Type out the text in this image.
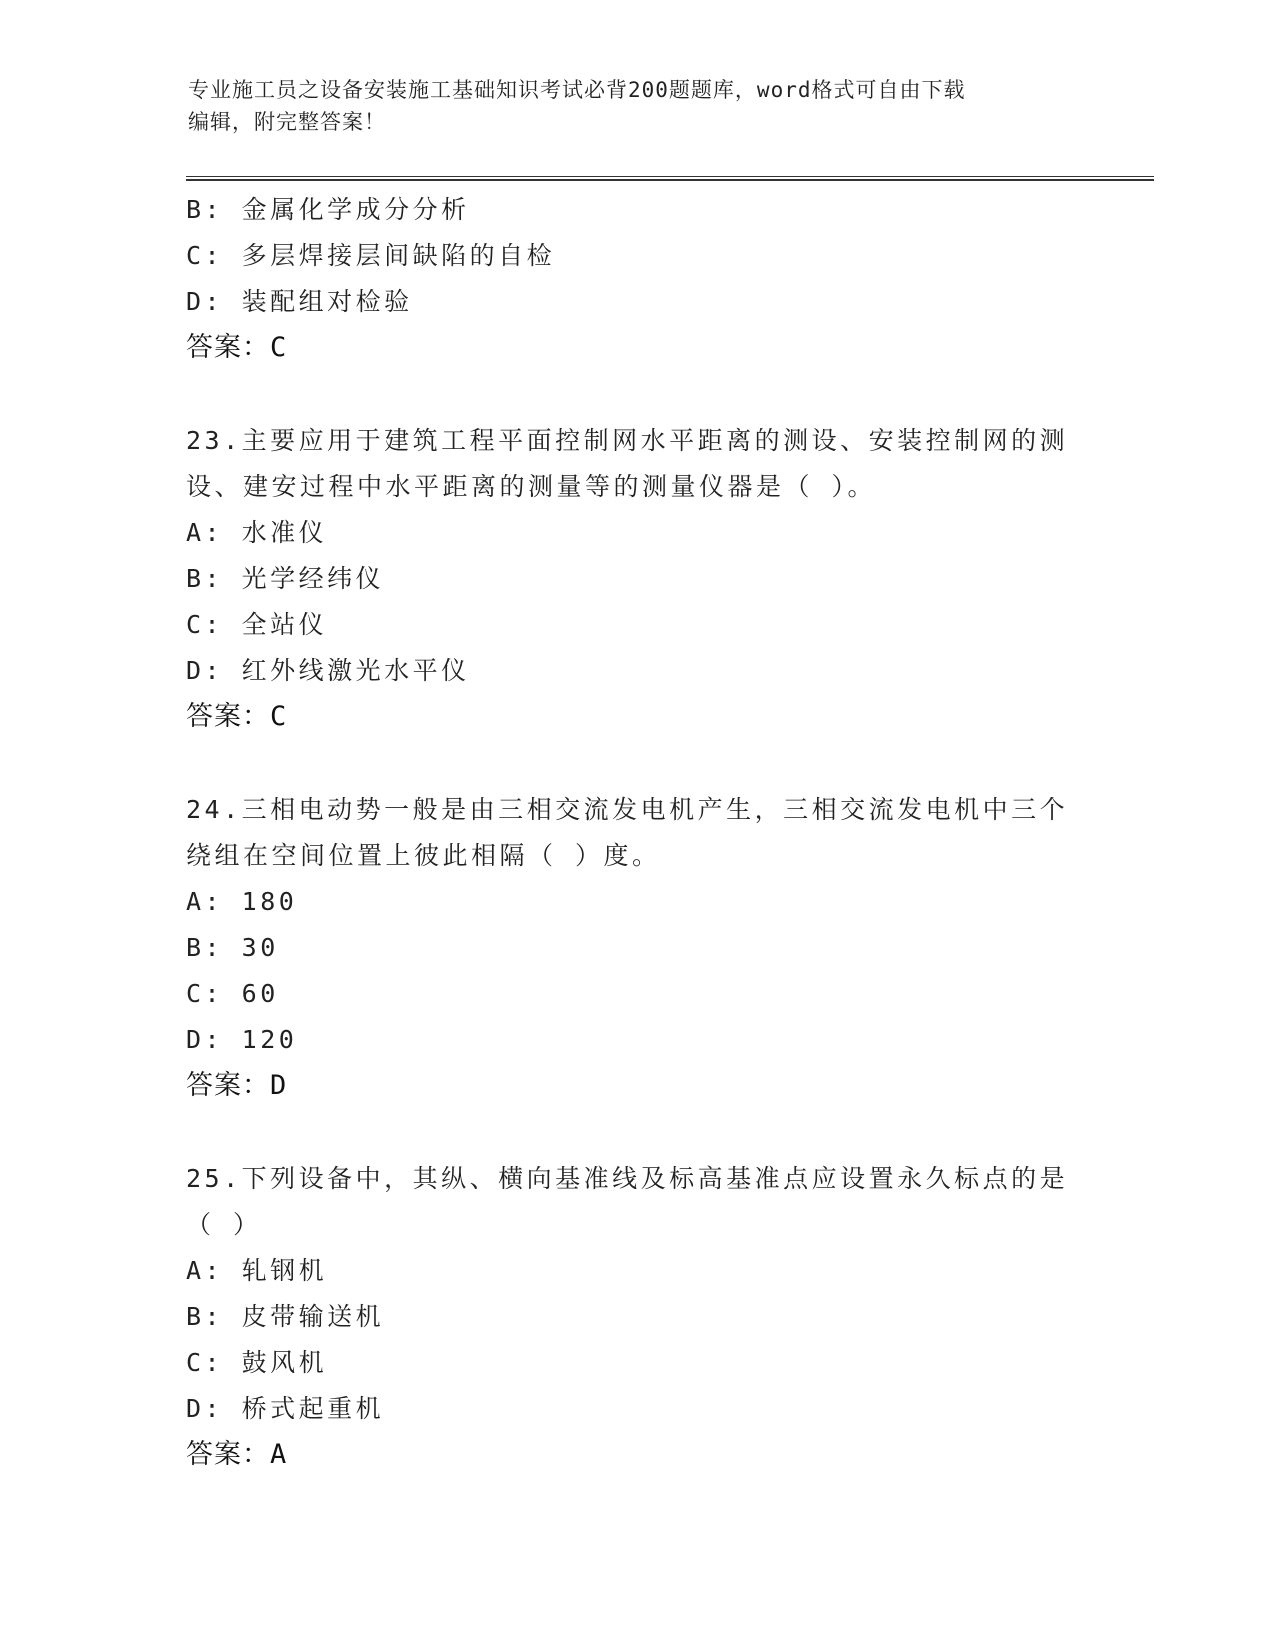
专业施工员之设备安装施工基础知识考试必背200题题库，word格式可自由下载
编辑，附完整答案！
B: 金属化学成分分析
C: 多层焊接层间缺陷的自检
D: 装配组对检验
答案：C
23.主要应用于建筑工程平面控制网水平距离的测设、安装控制网的测
设、建安过程中水平距离的测量等的测量仪器是（ ）。
A: 水准仪
B: 光学经纬仪
C: 全站仪
D: 红外线激光水平仪
答案：C
24.三相电动势一般是由三相交流发电机产生，三相交流发电机中三个
绕组在空间位置上彼此相隔（ ）度。
A: 180
B: 30
C: 60
D: 120
答案：D
25.下列设备中，其纵、横向基准线及标高基准点应设置永久标点的是
（ ）
A: 轧钢机
B: 皮带输送机
C: 鼓风机
D: 桥式起重机
答案：A
